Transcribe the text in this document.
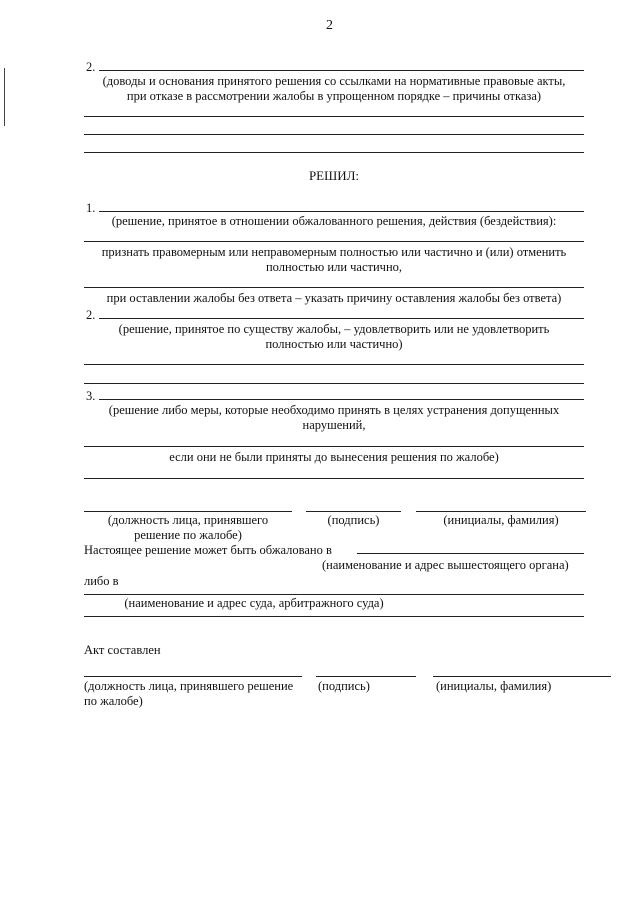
2
2.
(доводы и основания принятого решения со ссылками на нормативные правовые акты,
при отказе в рассмотрении жалобы в упрощенном порядке – причины отказа)
РЕШИЛ:
1.
(решение, принятое в отношении обжалованного решения, действия (бездействия):
признать правомерным или неправомерным полностью или частично и (или) отменить
полностью или частично,
при оставлении жалобы без ответа – указать причину оставления жалобы без ответа)
2.
(решение, принятое по существу жалобы, – удовлетворить или не удовлетворить
полностью или частично)
3.
(решение либо меры, которые необходимо принять в целях устранения допущенных
нарушений,
если они не были приняты до вынесения решения по жалобе)
(должность лица, принявшего
решение по жалобе)
(подпись)	(инициалы, фамилия)
Настоящее решение может быть обжаловано в
(наименование и адрес вышестоящего органа)
либо в
(наименование и адрес суда, арбитражного суда)
Акт составлен
(должность лица, принявшего решение
по жалобе)
(подпись)	(инициалы, фамилия)
